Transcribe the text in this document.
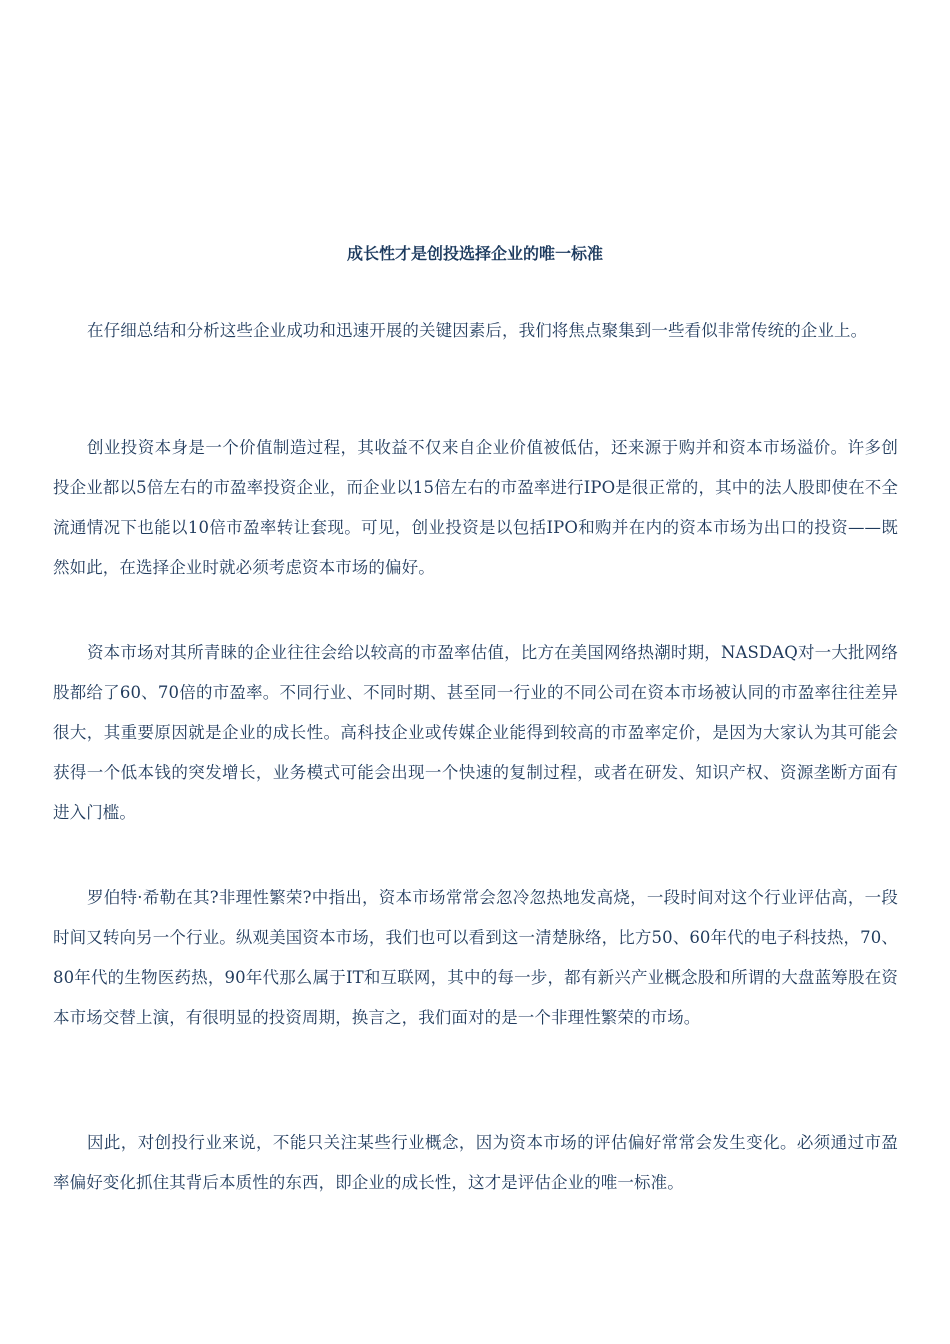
成长性才是创投选择企业的唯一标准

在仔细总结和分析这些企业成功和迅速开展的关键因素后，我们将焦点聚集到一些看似非常传统的企业上。

创业投资本身是一个价值制造过程，其收益不仅来自企业价值被低估，还来源于购并和资本市场溢价。许多创投企业都以5倍左右的市盈率投资企业，而企业以15倍左右的市盈率进行IPO是很正常的，其中的法人股即使在不全流通情况下也能以10倍市盈率转让套现。可见，创业投资是以包括IPO和购并在内的资本市场为出口的投资——既然如此，在选择企业时就必须考虑资本市场的偏好。

资本市场对其所青睐的企业往往会给以较高的市盈率估值，比方在美国网络热潮时期，NASDAQ对一大批网络股都给了60、70倍的市盈率。不同行业、不同时期、甚至同一行业的不同公司在资本市场被认同的市盈率往往差异很大，其重要原因就是企业的成长性。高科技企业或传媒企业能得到较高的市盈率定价，是因为大家认为其可能会获得一个低本钱的突发增长，业务模式可能会出现一个快速的复制过程，或者在研发、知识产权、资源垄断方面有进入门槛。

罗伯特·希勒在其?非理性繁荣?中指出，资本市场常常会忽冷忽热地发高烧，一段时间对这个行业评估高，一段时间又转向另一个行业。纵观美国资本市场，我们也可以看到这一清楚脉络，比方50、60年代的电子科技热，70、80年代的生物医药热，90年代那么属于IT和互联网，其中的每一步，都有新兴产业概念股和所谓的大盘蓝筹股在资本市场交替上演，有很明显的投资周期，换言之，我们面对的是一个非理性繁荣的市场。

因此，对创投行业来说，不能只关注某些行业概念，因为资本市场的评估偏好常常会发生变化。必须通过市盈率偏好变化抓住其背后本质性的东西，即企业的成长性，这才是评估企业的唯一标准。
